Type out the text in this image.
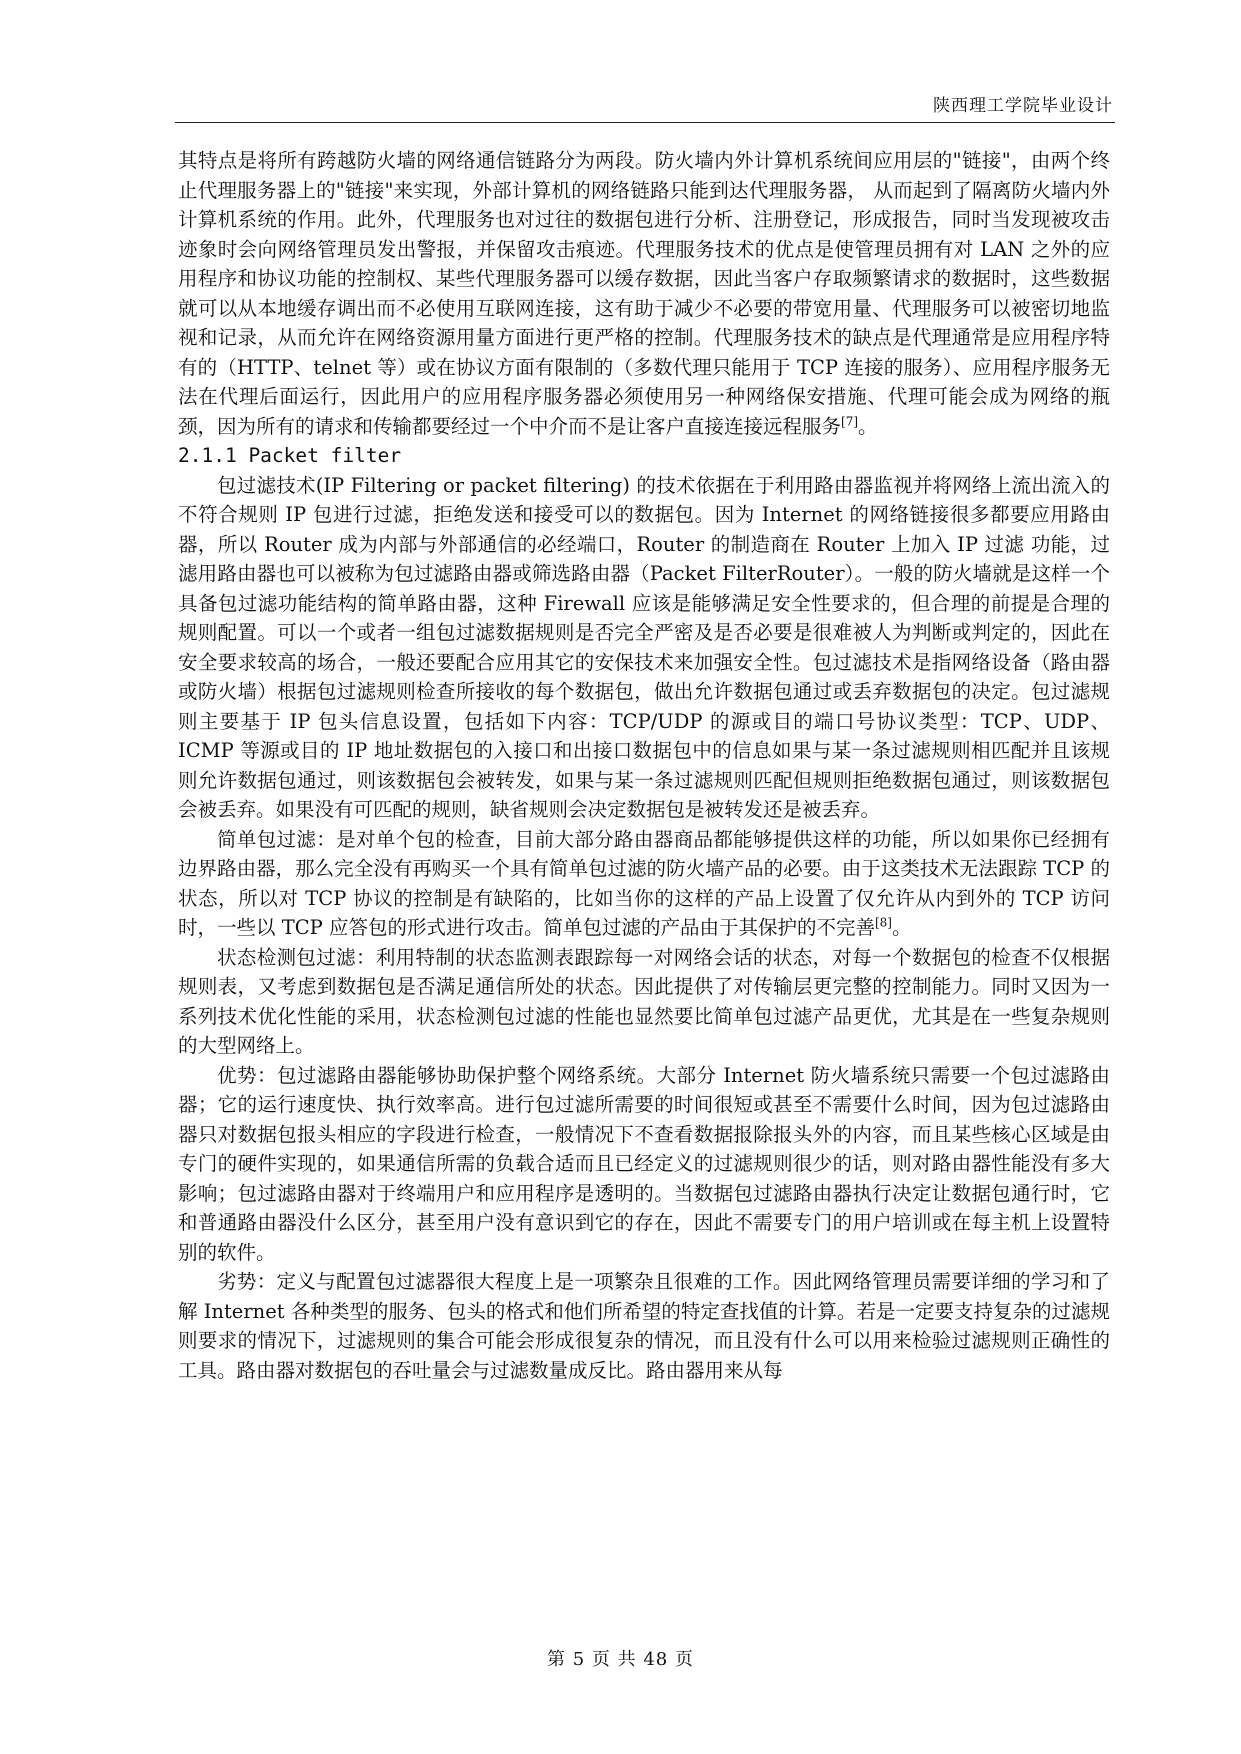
陕西理工学院毕业设计

其特点是将所有跨越防火墙的网络通信链路分为两段。防火墙内外计算机系统间应用层的"链接"，由两个终止代理服务器上的"链接"来实现，外部计算机的网络链路只能到达代理服务器， 从而起到了隔离防火墙内外计算机系统的作用。此外，代理服务也对过往的数据包进行分析、注册登记，形成报告，同时当发现被攻击迹象时会向网络管理员发出警报，并保留攻击痕迹。代理服务技术的优点是使管理员拥有对 LAN 之外的应用程序和协议功能的控制权、某些代理服务器可以缓存数据，因此当客户存取频繁请求的数据时，这些数据就可以从本地缓存调出而不必使用互联网连接，这有助于减少不必要的带宽用量、代理服务可以被密切地监视和记录，从而允许在网络资源用量方面进行更严格的控制。代理服务技术的缺点是代理通常是应用程序特有的（HTTP、telnet 等）或在协议方面有限制的（多数代理只能用于 TCP 连接的服务）、应用程序服务无法在代理后面运行，因此用户的应用程序服务器必须使用另一种网络保安措施、代理可能会成为网络的瓶颈，因为所有的请求和传输都要经过一个中介而不是让客户直接连接远程服务[7]。

2.1.1 Packet filter

包过滤技术(IP Filtering or packet filtering) 的技术依据在于利用路由器监视并将网络上流出流入的不符合规则 IP 包进行过滤，拒绝发送和接受可以的数据包。因为 Internet 的网络链接很多都要应用路由器，所以 Router 成为内部与外部通信的必经端口，Router 的制造商在 Router 上加入 IP 过滤 功能，过滤用路由器也可以被称为包过滤路由器或筛选路由器（Packet FilterRouter）。一般的防火墙就是这样一个具备包过滤功能结构的简单路由器，这种 Firewall 应该是能够满足安全性要求的，但合理的前提是合理的规则配置。可以一个或者一组包过滤数据规则是否完全严密及是否必要是很难被人为判断或判定的，因此在安全要求较高的场合，一般还要配合应用其它的安保技术来加强安全性。包过滤技术是指网络设备（路由器或防火墙）根据包过滤规则检查所接收的每个数据包，做出允许数据包通过或丢弃数据包的决定。包过滤规则主要基于 IP 包头信息设置，包括如下内容：TCP/UDP 的源或目的端口号协议类型：TCP、UDP、ICMP 等源或目的 IP 地址数据包的入接口和出接口数据包中的信息如果与某一条过滤规则相匹配并且该规则允许数据包通过，则该数据包会被转发，如果与某一条过滤规则匹配但规则拒绝数据包通过，则该数据包会被丢弃。如果没有可匹配的规则，缺省规则会决定数据包是被转发还是被丢弃。

简单包过滤：是对单个包的检查，目前大部分路由器商品都能够提供这样的功能，所以如果你已经拥有边界路由器，那么完全没有再购买一个具有简单包过滤的防火墙产品的必要。由于这类技术无法跟踪 TCP 的状态，所以对 TCP 协议的控制是有缺陷的，比如当你的这样的产品上设置了仅允许从内到外的 TCP 访问时，一些以 TCP 应答包的形式进行攻击。简单包过滤的产品由于其保护的不完善[8]。

状态检测包过滤：利用特制的状态监测表跟踪每一对网络会话的状态，对每一个数据包的检查不仅根据规则表，又考虑到数据包是否满足通信所处的状态。因此提供了对传输层更完整的控制能力。同时又因为一系列技术优化性能的采用，状态检测包过滤的性能也显然要比简单包过滤产品更优，尤其是在一些复杂规则的大型网络上。

优势：包过滤路由器能够协助保护整个网络系统。大部分 Internet 防火墙系统只需要一个包过滤路由器；它的运行速度快、执行效率高。进行包过滤所需要的时间很短或甚至不需要什么时间，因为包过滤路由器只对数据包报头相应的字段进行检查，一般情况下不查看数据报除报头外的内容，而且某些核心区域是由专门的硬件实现的，如果通信所需的负载合适而且已经定义的过滤规则很少的话，则对路由器性能没有多大影响；包过滤路由器对于终端用户和应用程序是透明的。当数据包过滤路由器执行决定让数据包通行时，它和普通路由器没什么区分，甚至用户没有意识到它的存在，因此不需要专门的用户培训或在每主机上设置特别的软件。

劣势：定义与配置包过滤器很大程度上是一项繁杂且很难的工作。因此网络管理员需要详细的学习和了解 Internet 各种类型的服务、包头的格式和他们所希望的特定查找值的计算。若是一定要支持复杂的过滤规则要求的情况下，过滤规则的集合可能会形成很复杂的情况，而且没有什么可以用来检验过滤规则正确性的工具。路由器对数据包的吞吐量会与过滤数量成反比。路由器用来从每

第 5 页 共 48 页
